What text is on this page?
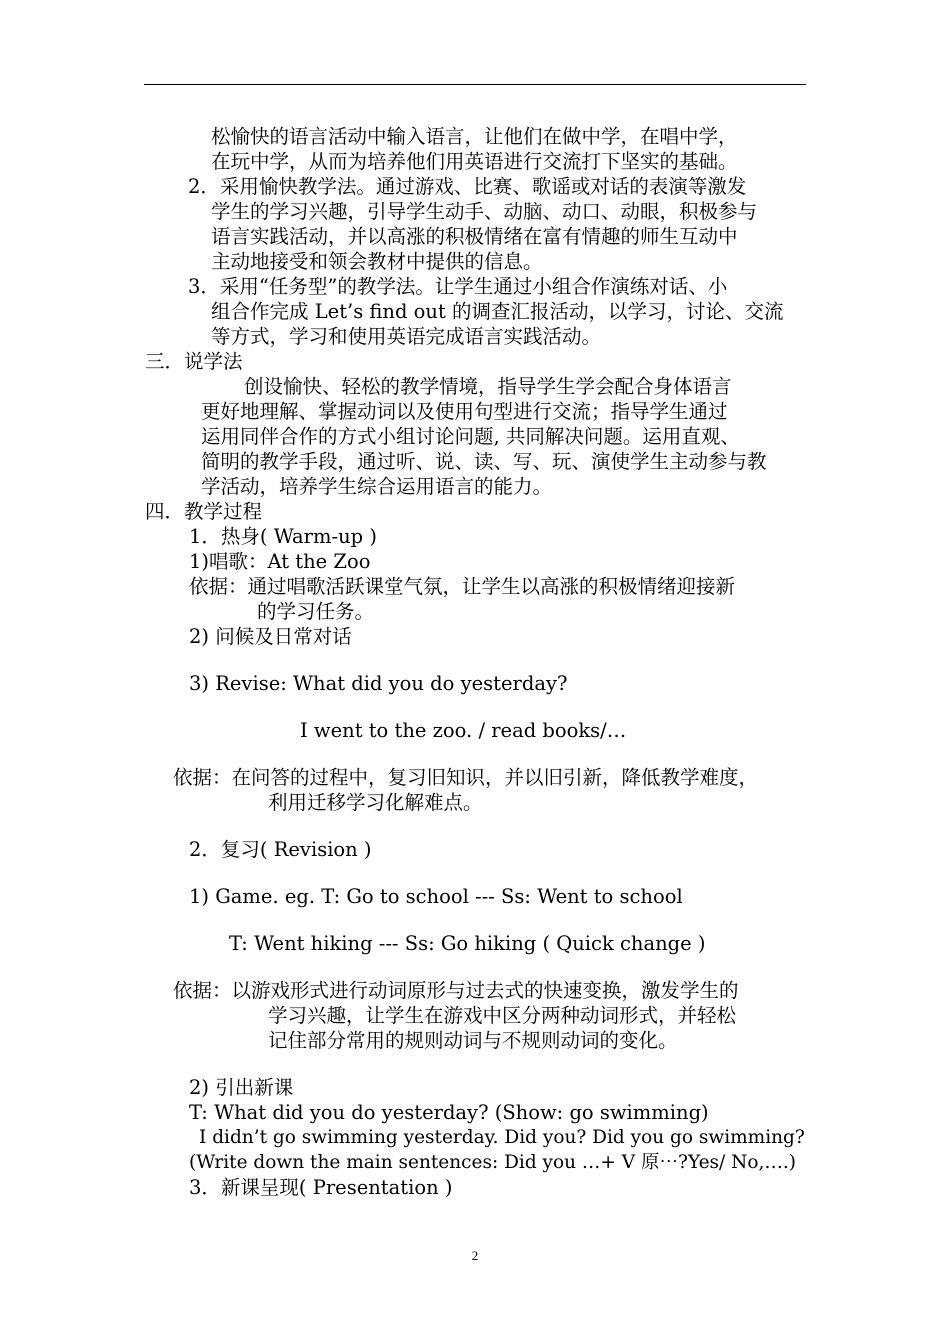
松愉快的语言活动中输入语言，让他们在做中学，在唱中学，
在玩中学，从而为培养他们用英语进行交流打下坚实的基础。
2．采用愉快教学法。通过游戏、比赛、歌谣或对话的表演等激发
学生的学习兴趣，引导学生动手、动脑、动口、动眼，积极参与
语言实践活动，并以高涨的积极情绪在富有情趣的师生互动中
主动地接受和领会教材中提供的信息。
3．采用“任务型”的教学法。让学生通过小组合作演练对话、小
组合作完成 Let’s find out 的调查汇报活动，以学习，讨论、交流
等方式，学习和使用英语完成语言实践活动。
三．说学法
创设愉快、轻松的教学情境，指导学生学会配合身体语言
更好地理解、掌握动词以及使用句型进行交流；指导学生通过
运用同伴合作的方式小组讨论问题, 共同解决问题。运用直观、
简明的教学手段，通过听、说、读、写、玩、演使学生主动参与教
学活动，培养学生综合运用语言的能力。
四．教学过程
1．热身( Warm-up )
1)唱歌：At the Zoo
依据：通过唱歌活跃课堂气氛，让学生以高涨的积极情绪迎接新
的学习任务。
2) 问候及日常对话
3) Revise: What did you do yesterday?
I went to the zoo. / read books/…
依据：在问答的过程中，复习旧知识，并以旧引新，降低教学难度，
利用迁移学习化解难点。
2．复习( Revision )
1) Game. eg. T: Go to school --- Ss: Went to school
T: Went hiking --- Ss: Go hiking ( Quick change )
依据：以游戏形式进行动词原形与过去式的快速变换，激发学生的
学习兴趣，让学生在游戏中区分两种动词形式，并轻松
记住部分常用的规则动词与不规则动词的变化。
2) 引出新课
T: What did you do yesterday? (Show: go swimming)
I didn’t go swimming yesterday. Did you? Did you go swimming?
(Write down the main sentences: Did you …+ V 原⋯?Yes/ No,….)
3．新课呈现( Presentation )
2
